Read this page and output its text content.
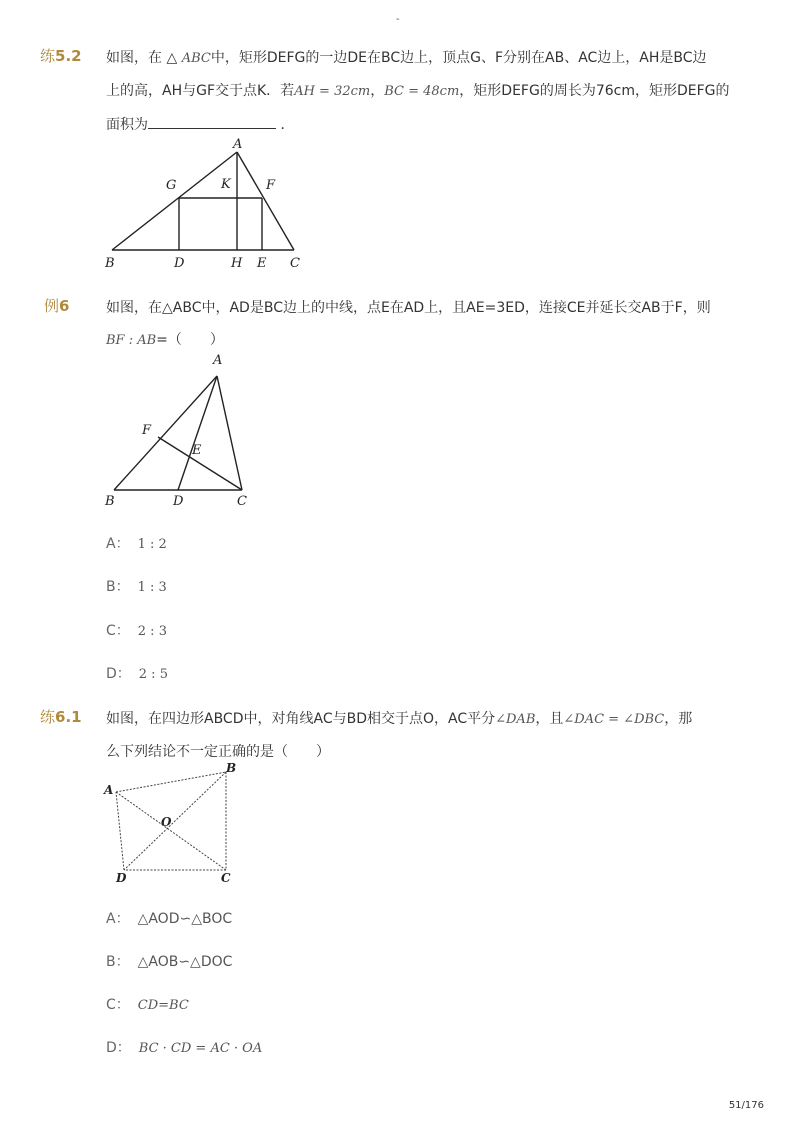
-
练5.2 如图，在 △ ABC中，矩形DEFG的一边DE在BC边上，顶点G、F分别在AB、AC边上，AH是BC边
上的高，AH与GF交于点K．若AH = 32cm，BC = 48cm，矩形DEFG的周长为76cm，矩形DEFG的
面积为	．
A
G	K	F
B	D	H E C
例6	如图，在△ABC中，AD是BC边上的中线，点E在AD上，且AE=3ED，连接CE并延长交AB于F，则
BF : AB=（　　）
A
F
E
B	D	C
A： 1 : 2
B： 1 : 3
C： 2 : 3
D： 2 : 5
练6.1 如图，在四边形ABCD中，对角线AC与BD相交于点O，AC平分∠DAB，且∠DAC = ∠DBC，那
么下列结论不一定正确的是（　　）
A
B
O
D	C
A： △AOD∽△BOC
B： △AOB∽△DOC
C： CD=BC
D： BC · CD = AC · OA
51/176
